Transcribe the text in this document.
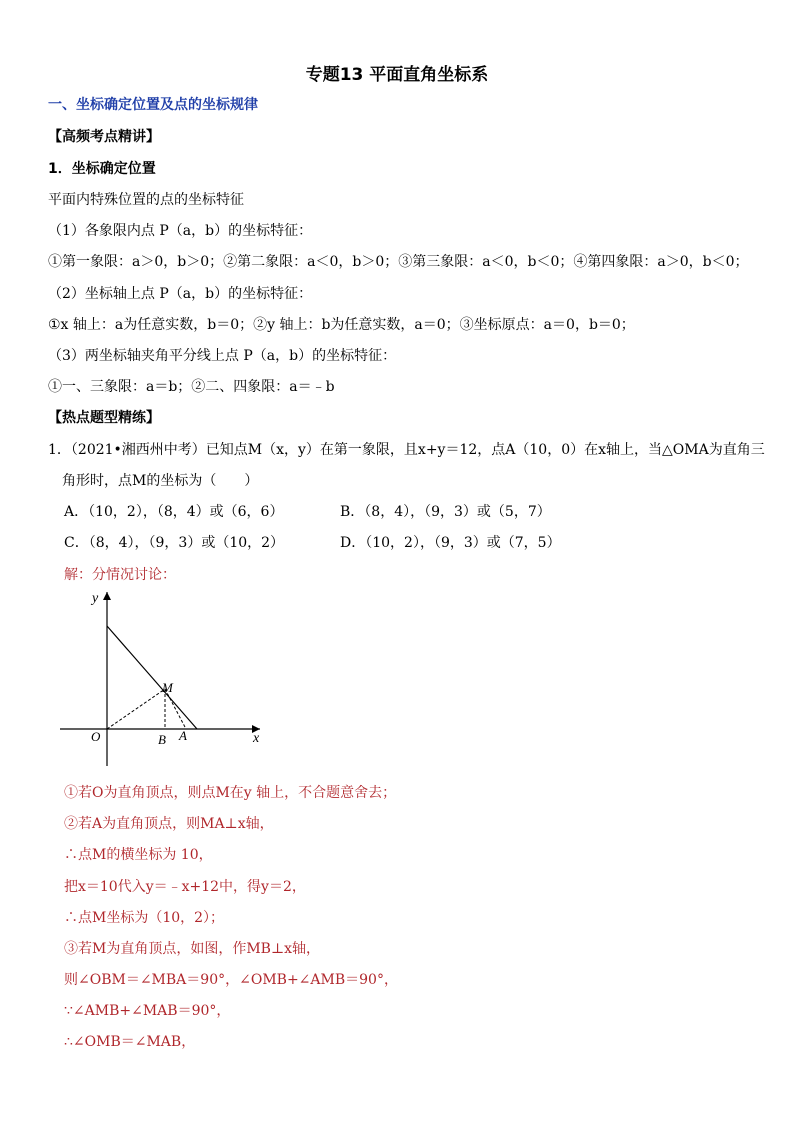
专题13 平面直角坐标系
一、坐标确定位置及点的坐标规律
【高频考点精讲】
1．坐标确定位置
平面内特殊位置的点的坐标特征
（1）各象限内点 P（a，b）的坐标特征：
①第一象限：a＞0，b＞0；②第二象限：a＜0，b＞0；③第三象限：a＜0，b＜0；④第四象限：a＞0，b＜0；
（2）坐标轴上点 P（a，b）的坐标特征：
①x 轴上：a为任意实数，b＝0；②y 轴上：b为任意实数，a＝0；③坐标原点：a＝0，b＝0；
（3）两坐标轴夹角平分线上点 P（a，b）的坐标特征：
①一、三象限：a＝b；②二、四象限：a＝﹣b
【热点题型精练】
1．（2021•湘西州中考）已知点M（x，y）在第一象限，且x+y＝12，点A（10，0）在x轴上，当△OMA为直角三
角形时，点M的坐标为（　　）
A．（10，2），（8，4）或（6，6）	B．（8，4），（9，3）或（5，7）
C．（8，4），（9，3）或（10，2）	D．（10，2），（9，3）或（7，5）
解：分情况讨论：
y
x
O
M
B A
①若O为直角顶点，则点M在y 轴上，不合题意舍去；
②若A为直角顶点，则MA⊥x轴，
∴点M的横坐标为 10，
把x＝10代入y＝﹣x+12中，得y＝2，
∴点M坐标为（10，2）；
③若M为直角顶点，如图，作MB⊥x轴，
则∠OBM＝∠MBA＝90°，∠OMB+∠AMB＝90°，
∵∠AMB+∠MAB＝90°，
∴∠OMB＝∠MAB，
